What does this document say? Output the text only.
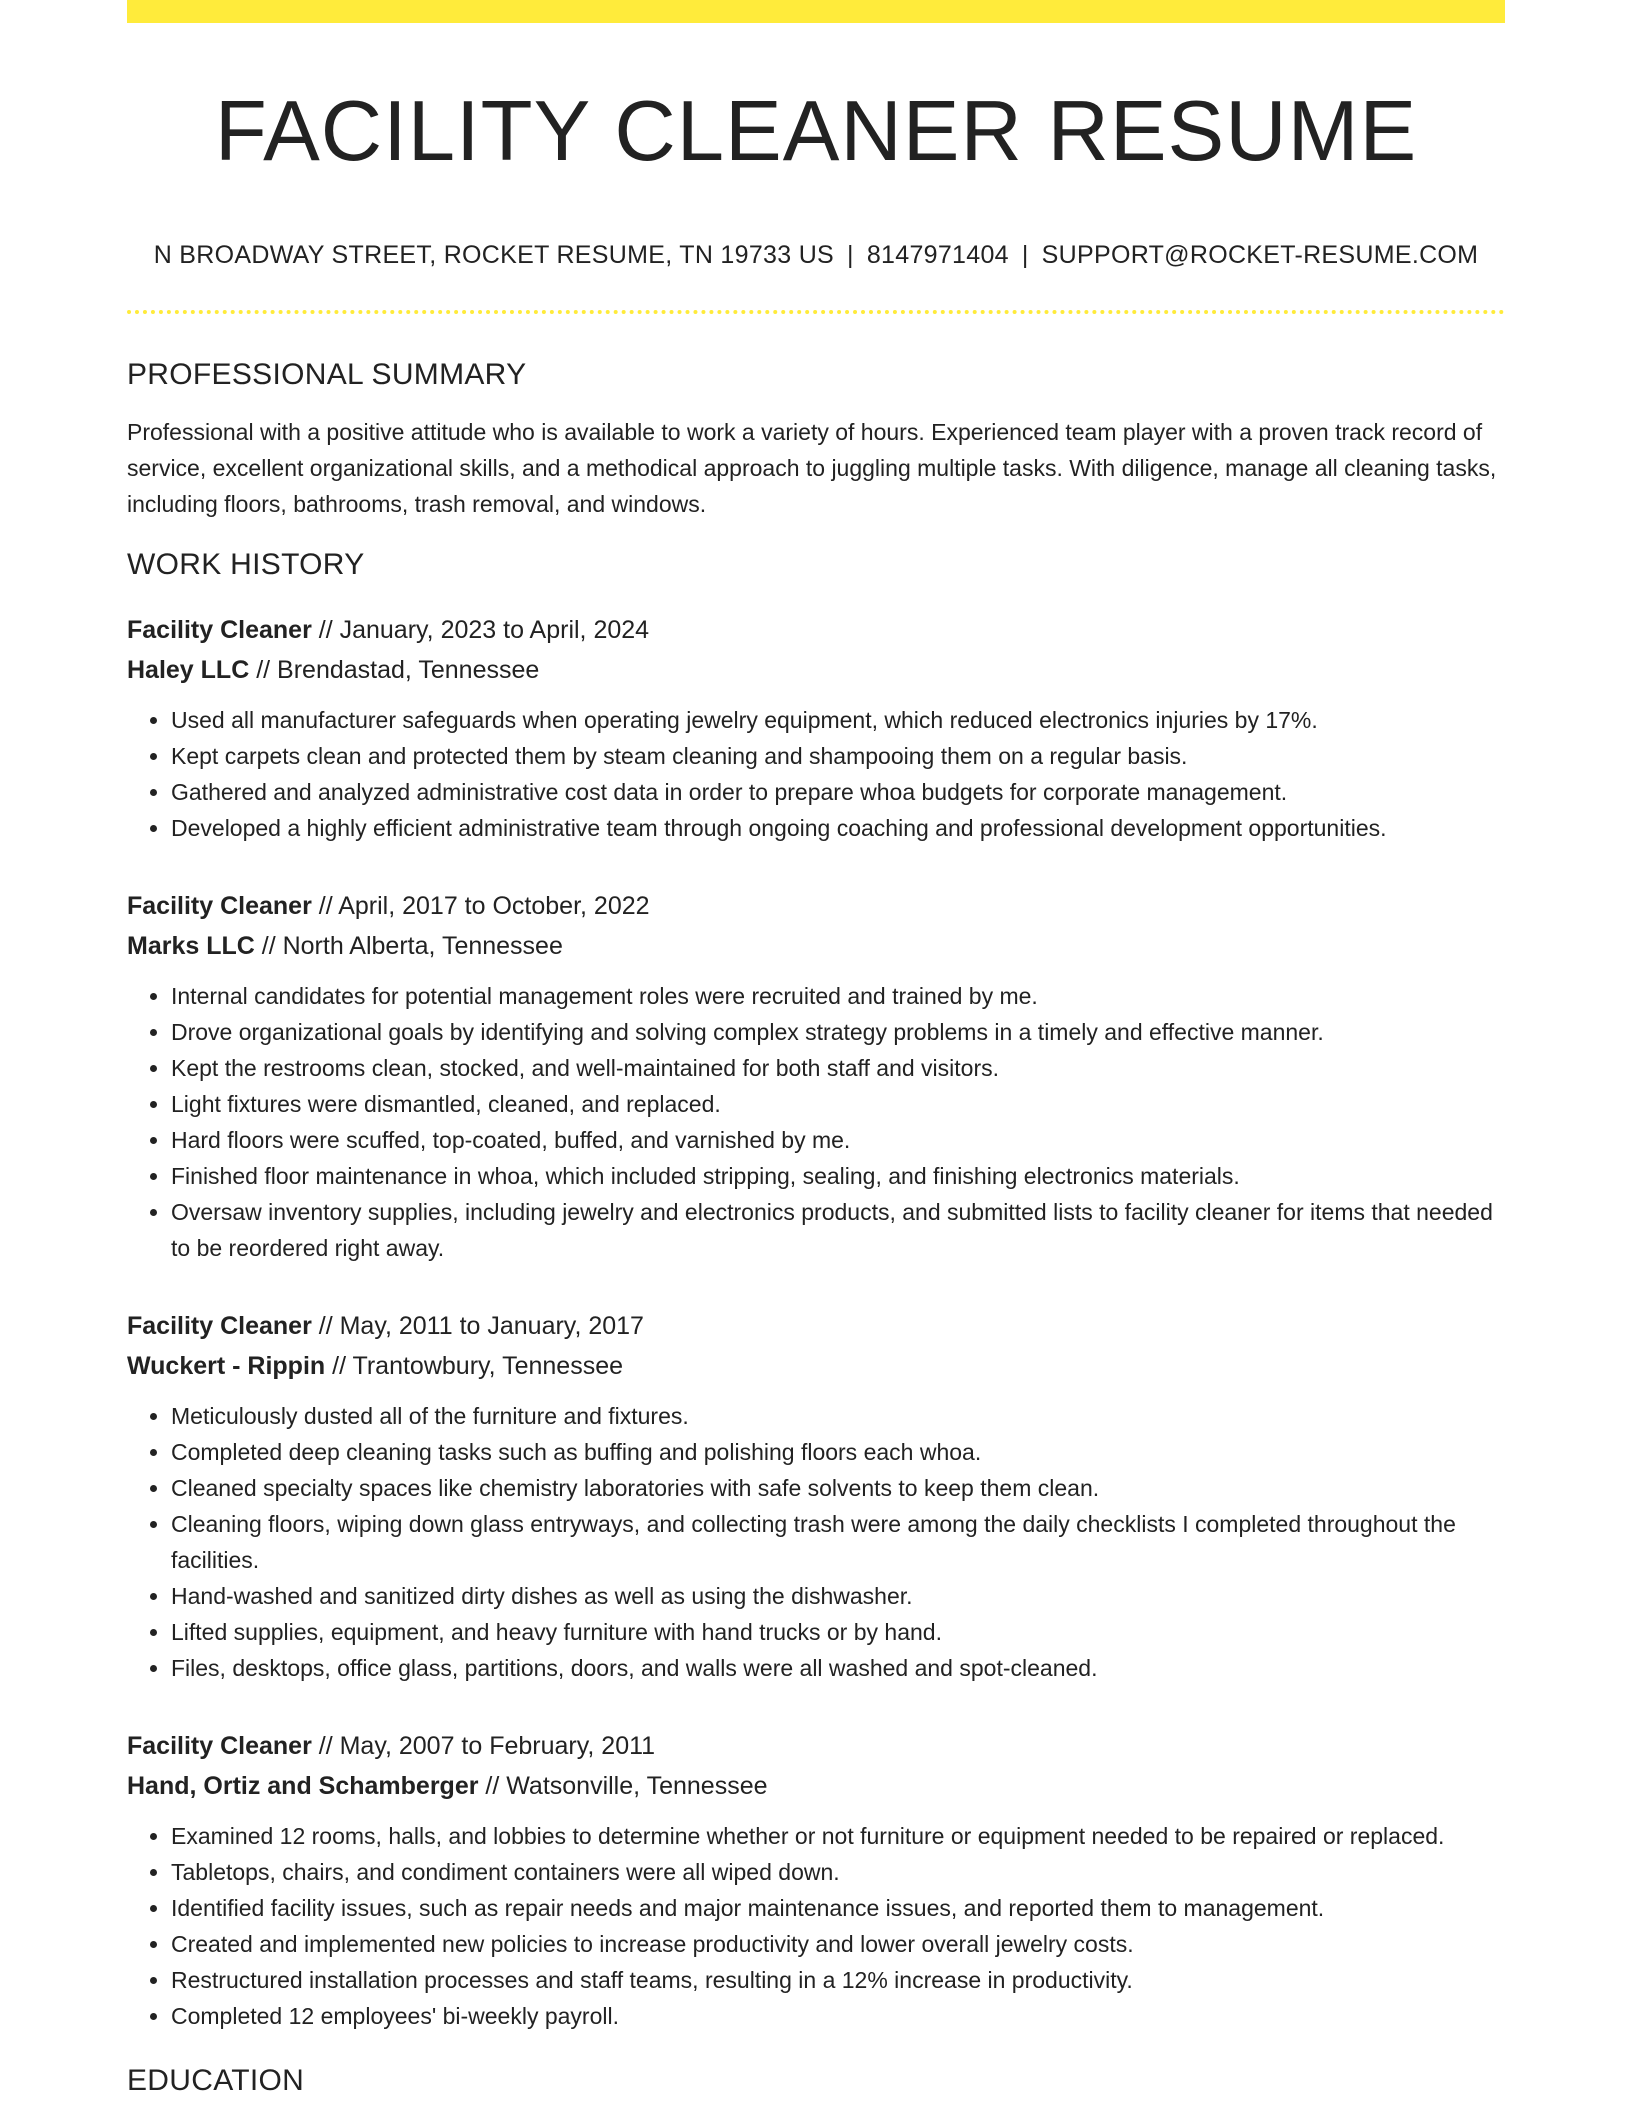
FACILITY CLEANER RESUME
N BROADWAY STREET, ROCKET RESUME, TN 19733 US | 8147971404 | SUPPORT@ROCKET-RESUME.COM
PROFESSIONAL SUMMARY

Professional with a positive attitude who is available to work a variety of hours. Experienced team player with a proven track record of service, excellent organizational skills, and a methodical approach to juggling multiple tasks. With diligence, manage all cleaning tasks, including floors, bathrooms, trash removal, and windows.

WORK HISTORY
Facility Cleaner // January, 2023 to April, 2024
Haley LLC // Brendastad, Tennessee
• Used all manufacturer safeguards when operating jewelry equipment, which reduced electronics injuries by 17%.
• Kept carpets clean and protected them by steam cleaning and shampooing them on a regular basis.
• Gathered and analyzed administrative cost data in order to prepare whoa budgets for corporate management.
• Developed a highly efficient administrative team through ongoing coaching and professional development opportunities.
Facility Cleaner // April, 2017 to October, 2022
Marks LLC // North Alberta, Tennessee
• Internal candidates for potential management roles were recruited and trained by me.
• Drove organizational goals by identifying and solving complex strategy problems in a timely and effective manner.
• Kept the restrooms clean, stocked, and well-maintained for both staff and visitors.
• Light fixtures were dismantled, cleaned, and replaced.
• Hard floors were scuffed, top-coated, buffed, and varnished by me.
• Finished floor maintenance in whoa, which included stripping, sealing, and finishing electronics materials.
• Oversaw inventory supplies, including jewelry and electronics products, and submitted lists to facility cleaner for items that needed to be reordered right away.
Facility Cleaner // May, 2011 to January, 2017
Wuckert - Rippin // Trantowbury, Tennessee
• Meticulously dusted all of the furniture and fixtures.
• Completed deep cleaning tasks such as buffing and polishing floors each whoa.
• Cleaned specialty spaces like chemistry laboratories with safe solvents to keep them clean.
• Cleaning floors, wiping down glass entryways, and collecting trash were among the daily checklists I completed throughout the facilities.
• Hand-washed and sanitized dirty dishes as well as using the dishwasher.
• Lifted supplies, equipment, and heavy furniture with hand trucks or by hand.
• Files, desktops, office glass, partitions, doors, and walls were all washed and spot-cleaned.
Facility Cleaner // May, 2007 to February, 2011
Hand, Ortiz and Schamberger // Watsonville, Tennessee
• Examined 12 rooms, halls, and lobbies to determine whether or not furniture or equipment needed to be repaired or replaced.
• Tabletops, chairs, and condiment containers were all wiped down.
• Identified facility issues, such as repair needs and major maintenance issues, and reported them to management.
• Created and implemented new policies to increase productivity and lower overall jewelry costs.
• Restructured installation processes and staff teams, resulting in a 12% increase in productivity.
• Completed 12 employees' bi-weekly payroll.
EDUCATION
